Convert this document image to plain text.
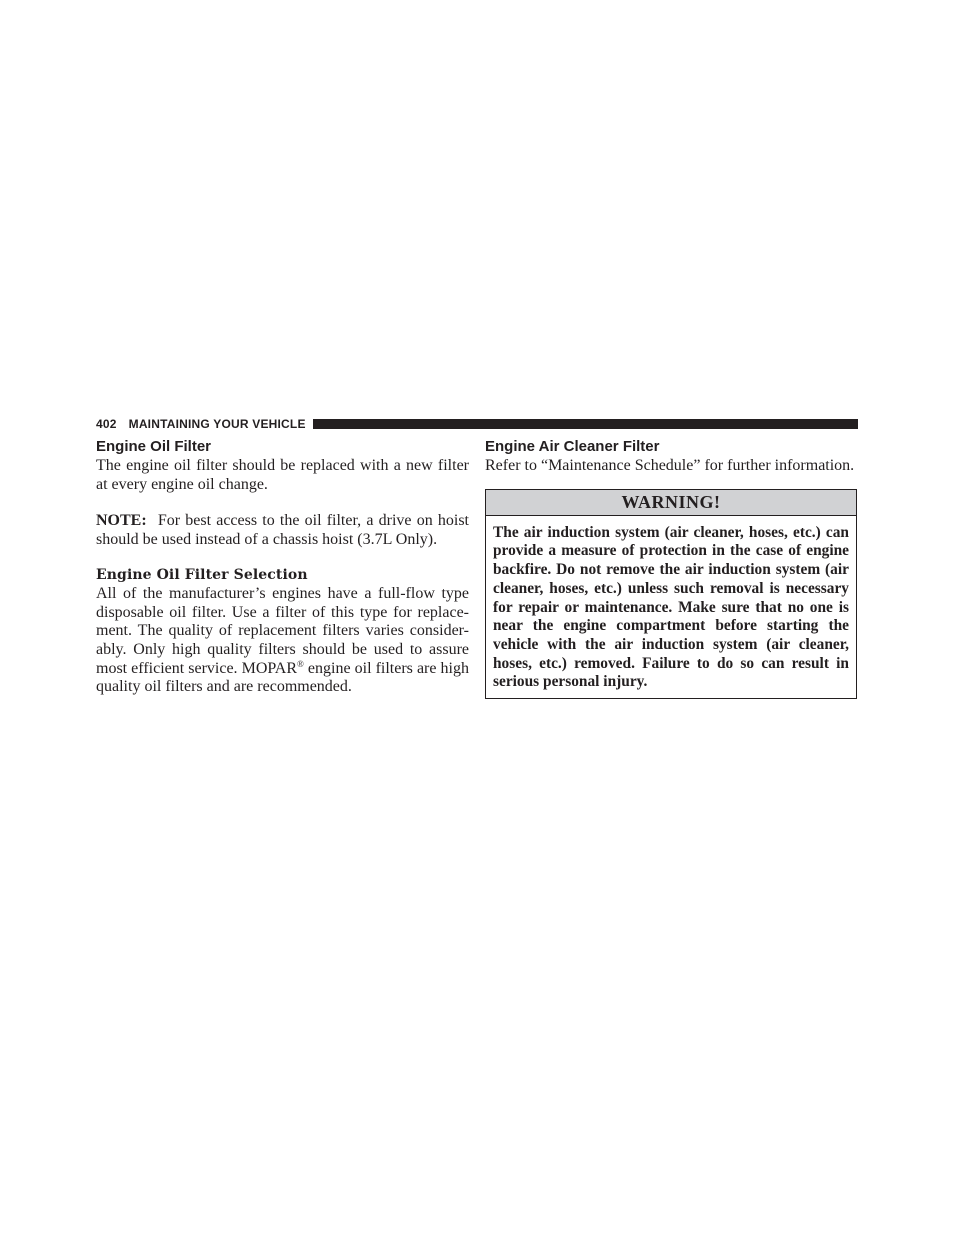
402 MAINTAINING YOUR VEHICLE
Engine Oil Filter

The engine oil filter should be replaced with a new filter at every engine oil change.

NOTE: For best access to the oil filter, a drive on hoist should be used instead of a chassis hoist (3.7L Only).

Engine Oil Filter Selection

All of the manufacturer’s engines have a full-flow type disposable oil filter. Use a filter of this type for replace- ment. The quality of replacement filters varies consider- ably. Only high quality filters should be used to assure most efficient service. MOPAR® engine oil filters are high quality oil filters and are recommended.

Engine Air Cleaner Filter

Refer to “Maintenance Schedule” for further information.

WARNING!
The air induction system (air cleaner, hoses, etc.) can provide a measure of protection in the case of engine backfire. Do not remove the air induction system (air cleaner, hoses, etc.) unless such removal is necessary for repair or maintenance. Make sure that no one is near the engine compartment before starting the vehicle with the air induction system (air cleaner, hoses, etc.) removed. Failure to do so can result in serious personal injury.
